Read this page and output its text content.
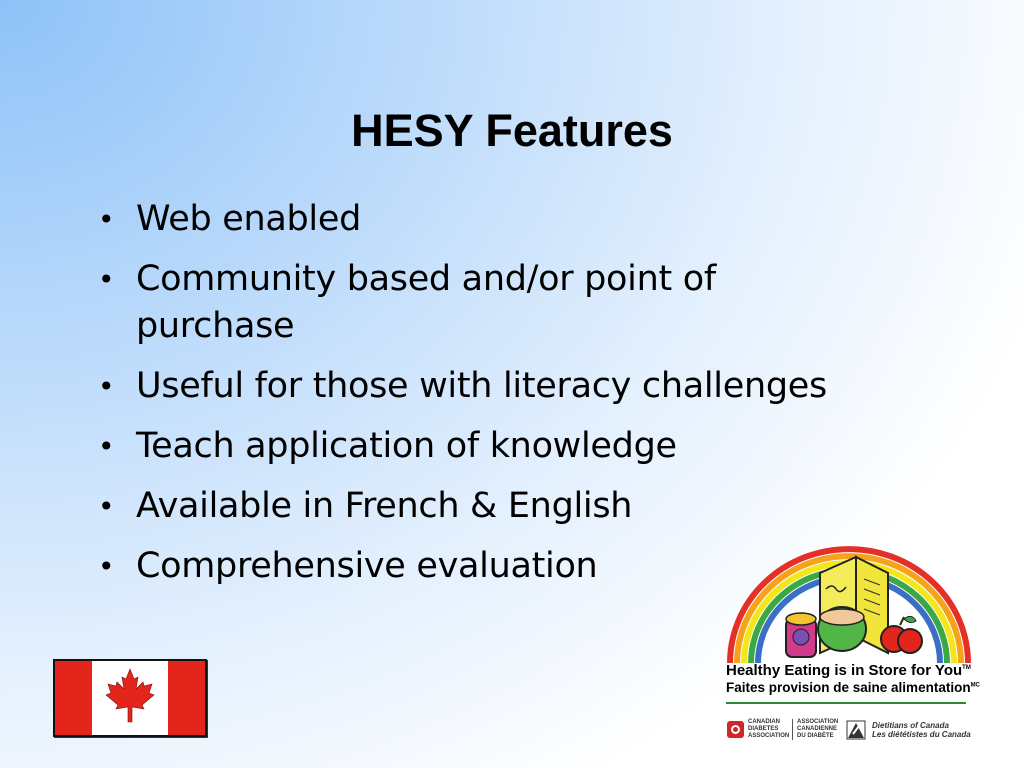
HESY Features
• Web enabled
• Community based and/or point of purchase
• Useful for those with literacy challenges
• Teach application of knowledge
• Available in French & English
• Comprehensive evaluation
Healthy Eating is in Store for You™
Faites provision de saine alimentation$^{MC}$
CANADIAN
DIABETES
ASSOCIATION
ASSOCIATION
CANADIENNE
DU DIABÈTE
Dietitians of Canada
Les diététistes du Canada
